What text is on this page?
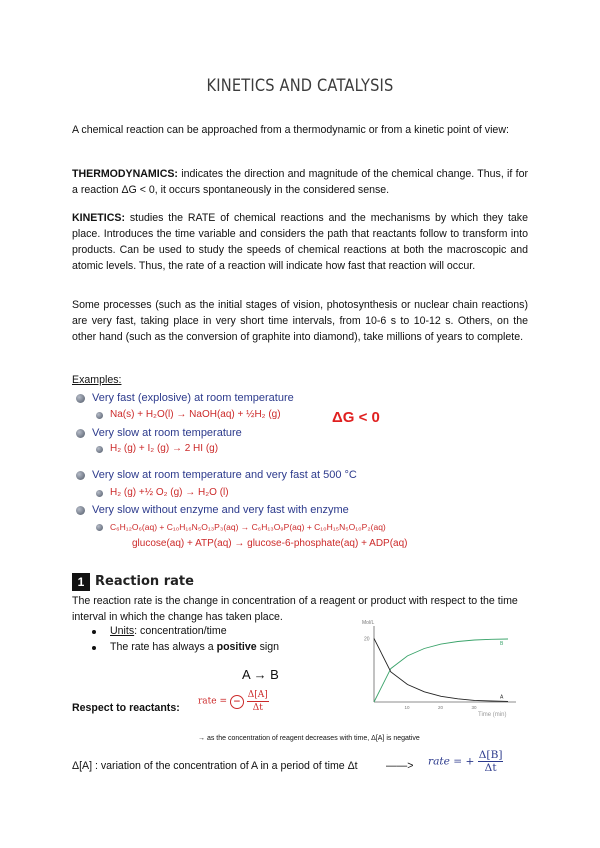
KINETICS AND CATALYSIS
A chemical reaction can be approached from a thermodynamic or from a kinetic point of view:
THERMODYNAMICS: indicates the direction and magnitude of the chemical change. Thus, if for a reaction ΔG < 0, it occurs spontaneously in the considered sense.
KINETICS: studies the RATE of chemical reactions and the mechanisms by which they take place. Introduces the time variable and considers the path that reactants follow to transform into products. Can be used to study the speeds of chemical reactions at both the macroscopic and atomic levels. Thus, the rate of a reaction will indicate how fast that reaction will occur.
Some processes (such as the initial stages of vision, photosynthesis or nuclear chain reactions) are very fast, taking place in very short time intervals, from 10-6 s to 10-12 s. Others, on the other hand (such as the conversion of graphite into diamond), take millions of years to complete.
Examples:
Very fast (explosive) at room temperature
Na(s) + H₂O(l) → NaOH(aq) + ½H₂ (g)
Very slow at room temperature
H₂ (g) + I₂ (g) → 2 HI (g)
ΔG < 0
Very slow at room temperature and very fast at 500 °C
H₂ (g) +½ O₂ (g) → H₂O (l)
Very slow without enzyme and very fast with enzyme
C₆H₁₂O₆(aq) + C₁₀H₁₆N₅O₁₃P₃(aq) → C₆H₁₃O₉P(aq) + C₁₀H₁₅N₅O₁₀P₂(aq)
glucose(aq) + ATP(aq) → glucose-6-phosphate(aq) + ADP(aq)
1 Reaction rate
The reaction rate is the change in concentration of a reagent or product with respect to the time interval in which the change has taken place.
Units: concentration/time
The rate has always a positive sign
A → B
Respect to reactants:
rate = − $\frac{\Delta[A]}{\Delta t}$
→ as the concentration of reagent decreases with time, Δ[A] is negative
Δ[A] : variation of the concentration of A in a period of time Δt	——> rate = + $\frac{\Delta[B]}{\Delta t}$
Mol/L
Time (min)
20
10	20	30
B
A
